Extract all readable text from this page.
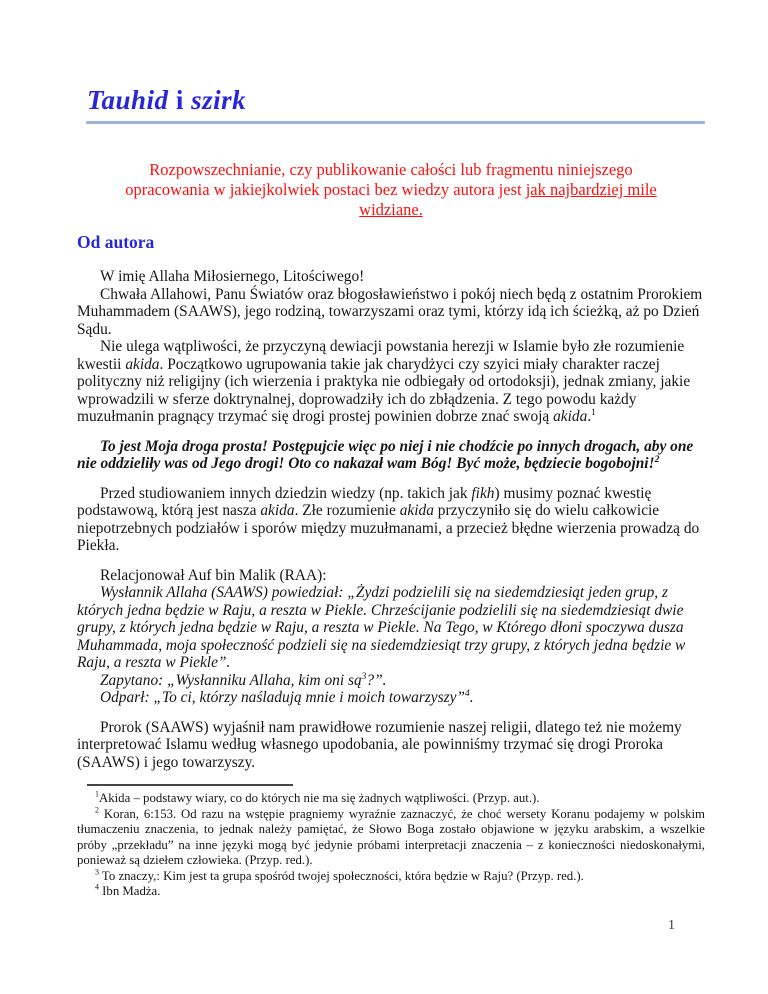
Tauhid i szirk

Rozpowszechnianie, czy publikowanie całości lub fragmentu niniejszego
opracowania w jakiejkolwiek postaci bez wiedzy autora jest jak najbardziej mile
widziane.

Od autora

W imię Allaha Miłosiernego, Litościwego!

Chwała Allahowi, Panu Światów oraz błogosławieństwo i pokój niech będą z ostatnim Prorokiem Muhammadem (SAAWS), jego rodziną, towarzyszami oraz tymi, którzy idą ich ścieżką, aż po Dzień Sądu.

Nie ulega wątpliwości, że przyczyną dewiacji powstania herezji w Islamie było złe rozumienie kwestii akida. Początkowo ugrupowania takie jak charydżyci czy szyici miały charakter raczej polityczny niż religijny (ich wierzenia i praktyka nie odbiegały od ortodoksji), jednak zmiany, jakie wprowadzili w sferze doktrynalnej, doprowadziły ich do zbłądzenia. Z tego powodu każdy muzułmanin pragnący trzymać się drogi prostej powinien dobrze znać swoją akida.$^1$

To jest Moja droga prosta! Postępujcie więc po niej i nie chodźcie po innych drogach, aby one nie oddzieliły was od Jego drogi! Oto co nakazał wam Bóg! Być może, będziecie bogobojni!$^2$

Przed studiowaniem innych dziedzin wiedzy (np. takich jak fikh) musimy poznać kwestię podstawową, którą jest nasza akida. Złe rozumienie akida przyczyniło się do wielu całkowicie niepotrzebnych podziałów i sporów między muzułmanami, a przecież błędne wierzenia prowadzą do Piekła.

Relacjonował Auf bin Malik (RAA):

Wysłannik Allaha (SAAWS) powiedział: „Żydzi podzielili się na siedemdziesiąt jeden grup, z których jedna będzie w Raju, a reszta w Piekle. Chrześcijanie podzielili się na siedemdziesiąt dwie grupy, z których jedna będzie w Raju, a reszta w Piekle. Na Tego, w Którego dłoni spoczywa dusza Muhammada, moja społeczność podzieli się na siedemdziesiąt trzy grupy, z których jedna będzie w Raju, a reszta w Piekle”.

Zapytano: „Wysłanniku Allaha, kim oni $są^3$?”.

Odparł: „To ci, którzy naśladują mnie i moich towarzyszy”$^4$.

Prorok (SAAWS) wyjaśnił nam prawidłowe rozumienie naszej religii, dlatego też nie możemy interpretować Islamu według własnego upodobania, ale powinniśmy trzymać się drogi Proroka (SAAWS) i jego towarzyszy.

$^1$Akida – podstawy wiary, co do których nie ma się żadnych wątpliwości. (Przyp. aut.).

$^2$ Koran, 6:153. Od razu na wstępie pragniemy wyraźnie zaznaczyć, że choć wersety Koranu podajemy w polskim tłumaczeniu znaczenia, to jednak należy pamiętać, że Słowo Boga zostało objawione w języku arabskim, a wszelkie próby „przekładu” na inne języki mogą być jedynie próbami interpretacji znaczenia – z konieczności niedoskonałymi, ponieważ są dziełem człowieka. (Przyp. red.).

$^3$ To znaczy,: Kim jest ta grupa spośród twojej społeczności, która będzie w Raju? (Przyp. red.).

$^4$ Ibn Madża.

1
